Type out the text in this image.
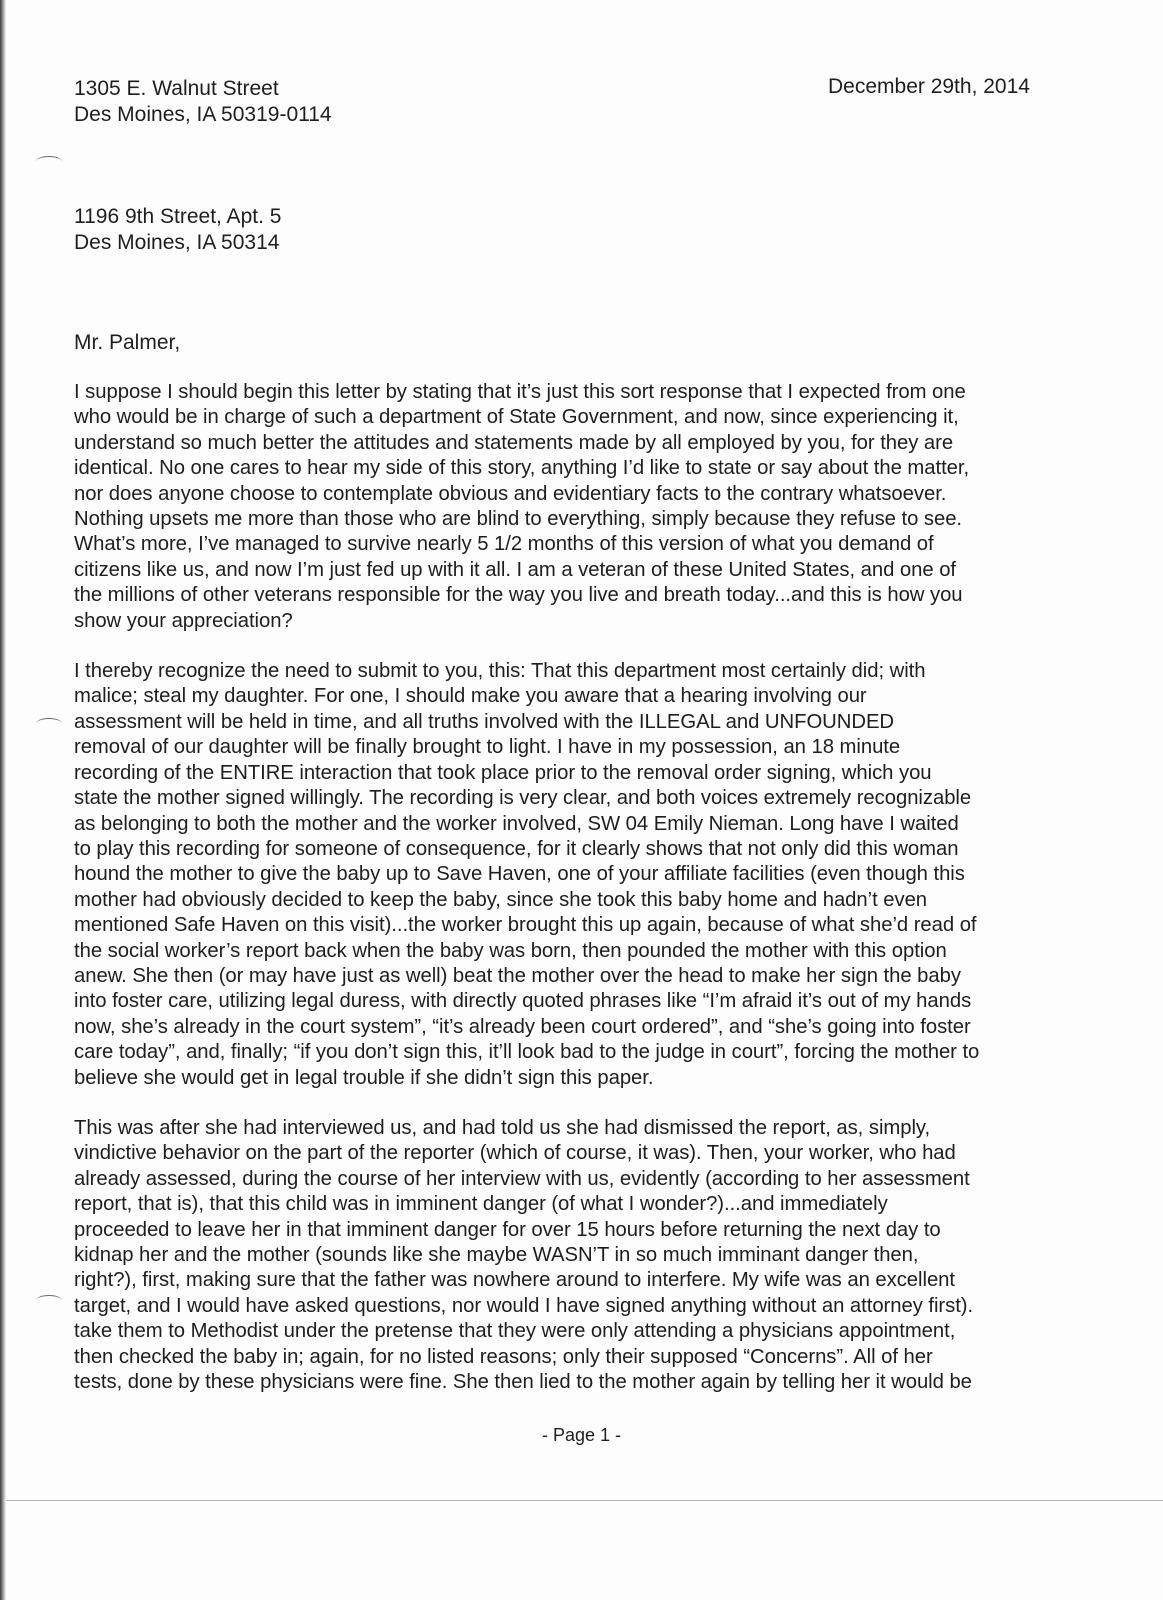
1305 E. Walnut Street
Des Moines, IA 50319-0114
December 29th, 2014
1196 9th Street, Apt. 5
Des Moines, IA 50314
Mr. Palmer,

I suppose I should begin this letter by stating that it’s just this sort response that I expected from one
who would be in charge of such a department of State Government, and now, since experiencing it,
understand so much better the attitudes and statements made by all employed by you, for they are
identical. No one cares to hear my side of this story, anything I’d like to state or say about the matter,
nor does anyone choose to contemplate obvious and evidentiary facts to the contrary whatsoever.
Nothing upsets me more than those who are blind to everything, simply because they refuse to see.
What’s more, I’ve managed to survive nearly 5 1/2 months of this version of what you demand of
citizens like us, and now I’m just fed up with it all. I am a veteran of these United States, and one of
the millions of other veterans responsible for the way you live and breath today...and this is how you
show your appreciation?

I thereby recognize the need to submit to you, this: That this department most certainly did; with
malice; steal my daughter. For one, I should make you aware that a hearing involving our
assessment will be held in time, and all truths involved with the ILLEGAL and UNFOUNDED
removal of our daughter will be finally brought to light. I have in my possession, an 18 minute
recording of the ENTIRE interaction that took place prior to the removal order signing, which you
state the mother signed willingly. The recording is very clear, and both voices extremely recognizable
as belonging to both the mother and the worker involved, SW 04 Emily Nieman. Long have I waited
to play this recording for someone of consequence, for it clearly shows that not only did this woman
hound the mother to give the baby up to Save Haven, one of your affiliate facilities (even though this
mother had obviously decided to keep the baby, since she took this baby home and hadn’t even
mentioned Safe Haven on this visit)...the worker brought this up again, because of what she’d read of
the social worker’s report back when the baby was born, then pounded the mother with this option
anew. She then (or may have just as well) beat the mother over the head to make her sign the baby
into foster care, utilizing legal duress, with directly quoted phrases like “I’m afraid it’s out of my hands
now, she’s already in the court system”, “it’s already been court ordered”, and “she’s going into foster
care today”, and, finally; “if you don’t sign this, it’ll look bad to the judge in court”, forcing the mother to
believe she would get in legal trouble if she didn’t sign this paper.

This was after she had interviewed us, and had told us she had dismissed the report, as, simply,
vindictive behavior on the part of the reporter (which of course, it was). Then, your worker, who had
already assessed, during the course of her interview with us, evidently (according to her assessment
report, that is), that this child was in imminent danger (of what I wonder?)...and immediately
proceeded to leave her in that imminent danger for over 15 hours before returning the next day to
kidnap her and the mother (sounds like she maybe WASN’T in so much imminant danger then,
right?), first, making sure that the father was nowhere around to interfere. My wife was an excellent
target, and I would have asked questions, nor would I have signed anything without an attorney first).
take them to Methodist under the pretense that they were only attending a physicians appointment,
then checked the baby in; again, for no listed reasons; only their supposed “Concerns”. All of her
tests, done by these physicians were fine. She then lied to the mother again by telling her it would be

- Page 1 -
